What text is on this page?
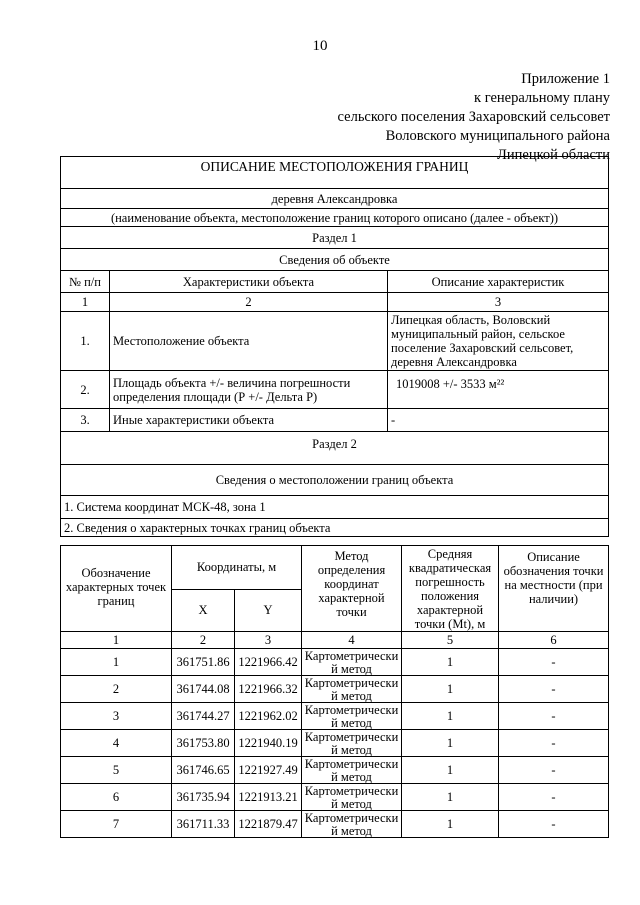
10
Приложение 1
к генеральному плану
сельского поселения Захаровский сельсовет
Воловского муниципального района
Липецкой области
ОПИСАНИЕ МЕСТОПОЛОЖЕНИЯ ГРАНИЦ		
деревня Александровка		
(наименование объекта, местоположение границ которого описано (далее - объект))		
Раздел 1		
Сведения об объекте		
№ п/п	Характеристики объекта	Описание характеристик
1	2	3
1.	Местоположение объекта	Липецкая область, Воловский муниципальный район, сельское поселение Захаровский сельсовет, деревня Александровка
2.	Площадь объекта +/- величина погрешности определения площади (Р +/- Дельта Р)	1019008 +/- 3533 м²²
3.	Иные характеристики объекта	-
Раздел 2		
Сведения о местоположении границ объекта		
1. Система координат МСК-48, зона 1		
2. Сведения о характерных точках границ объекта		
Обозначение характерных точек границ	Координаты, м		Метод определения координат характерной точки	Средняя квадратическая погрешность положения характерной точки (Mt), м	Описание обозначения точки на местности (при наличии)
	X	Y			
1	2	3	4	5	6
1	361751.86	1221966.42	Картометрический метод	1	-
2	361744.08	1221966.32	Картометрический метод	1	-
3	361744.27	1221962.02	Картометрический метод	1	-
4	361753.80	1221940.19	Картометрический метод	1	-
5	361746.65	1221927.49	Картометрический метод	1	-
6	361735.94	1221913.21	Картометрический метод	1	-
7	361711.33	1221879.47	Картометрический метод	1	-
